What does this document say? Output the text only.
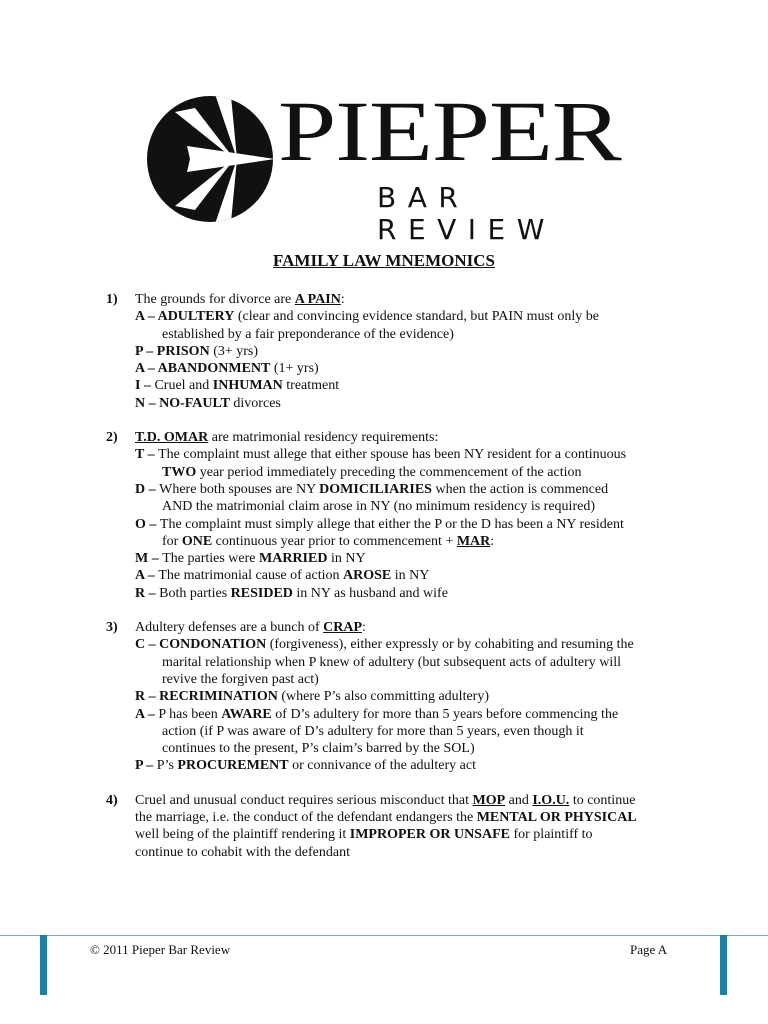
PIEPER
BAR REVIEW
FAMILY LAW MNEMONICS
1) The grounds for divorce are A PAIN:
A – ADULTERY (clear and convincing evidence standard, but PAIN must only be
established by a fair preponderance of the evidence)
P – PRISON (3+ yrs)
A – ABANDONMENT (1+ yrs)
I – Cruel and INHUMAN treatment
N – NO-FAULT divorces
2) T.D. OMAR are matrimonial residency requirements:
T – The complaint must allege that either spouse has been NY resident for a continuous
TWO year period immediately preceding the commencement of the action
D – Where both spouses are NY DOMICILIARIES when the action is commenced
AND the matrimonial claim arose in NY (no minimum residency is required)
O – The complaint must simply allege that either the P or the D has been a NY resident
for ONE continuous year prior to commencement + MAR:
M – The parties were MARRIED in NY
A – The matrimonial cause of action AROSE in NY
R – Both parties RESIDED in NY as husband and wife
3) Adultery defenses are a bunch of CRAP:
C – CONDONATION (forgiveness), either expressly or by cohabiting and resuming the
marital relationship when P knew of adultery (but subsequent acts of adultery will
revive the forgiven past act)
R – RECRIMINATION (where P’s also committing adultery)
A – P has been AWARE of D’s adultery for more than 5 years before commencing the
action (if P was aware of D’s adultery for more than 5 years, even though it
continues to the present, P’s claim’s barred by the SOL)
P – P’s PROCUREMENT or connivance of the adultery act
4) Cruel and unusual conduct requires serious misconduct that MOP and I.O.U. to continue
the marriage, i.e. the conduct of the defendant endangers the MENTAL OR PHYSICAL
well being of the plaintiff rendering it IMPROPER OR UNSAFE for plaintiff to
continue to cohabit with the defendant
© 2011 Pieper Bar Review	Page A
